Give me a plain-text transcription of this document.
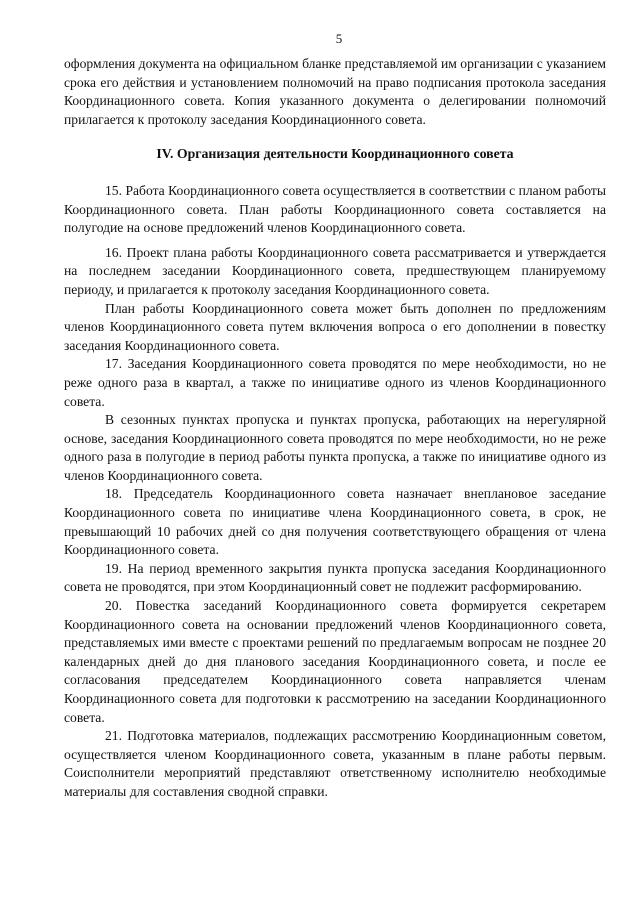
5

оформления документа на официальном бланке представляемой им организации с указанием срока его действия и установлением полномочий на право подписания протокола заседания Координационного совета. Копия указанного документа о делегировании полномочий прилагается к протоколу заседания Координационного совета.

IV. Организация деятельности Координационного совета

15. Работа Координационного совета осуществляется в соответствии с планом работы Координационного совета. План работы Координационного совета составляется на полугодие на основе предложений членов Координационного совета.

16. Проект плана работы Координационного совета рассматривается и утверждается на последнем заседании Координационного совета, предшествующем планируемому периоду, и прилагается к протоколу заседания Координационного совета.

План работы Координационного совета может быть дополнен по предложениям членов Координационного совета путем включения вопроса о его дополнении в повестку заседания Координационного совета.

17. Заседания Координационного совета проводятся по мере необходимости, но не реже одного раза в квартал, а также по инициативе одного из членов Координационного совета.

В сезонных пунктах пропуска и пунктах пропуска, работающих на нерегулярной основе, заседания Координационного совета проводятся по мере необходимости, но не реже одного раза в полугодие в период работы пункта пропуска, а также по инициативе одного из членов Координационного совета.

18. Председатель Координационного совета назначает внеплановое заседание Координационного совета по инициативе члена Координационного совета, в срок, не превышающий 10 рабочих дней со дня получения соответствующего обращения от члена Координационного совета.

19. На период временного закрытия пункта пропуска заседания Координационного совета не проводятся, при этом Координационный совет не подлежит расформированию.

20. Повестка заседаний Координационного совета формируется секретарем Координационного совета на основании предложений членов Координационного совета, представляемых ими вместе с проектами решений по предлагаемым вопросам не позднее 20 календарных дней до дня планового заседания Координационного совета, и после ее согласования председателем Координационного совета направляется членам Координационного совета для подготовки к рассмотрению на заседании Координационного совета.

21. Подготовка материалов, подлежащих рассмотрению Координационным советом, осуществляется членом Координационного совета, указанным в плане работы первым. Соисполнители мероприятий представляют ответственному исполнителю необходимые материалы для составления сводной справки.
